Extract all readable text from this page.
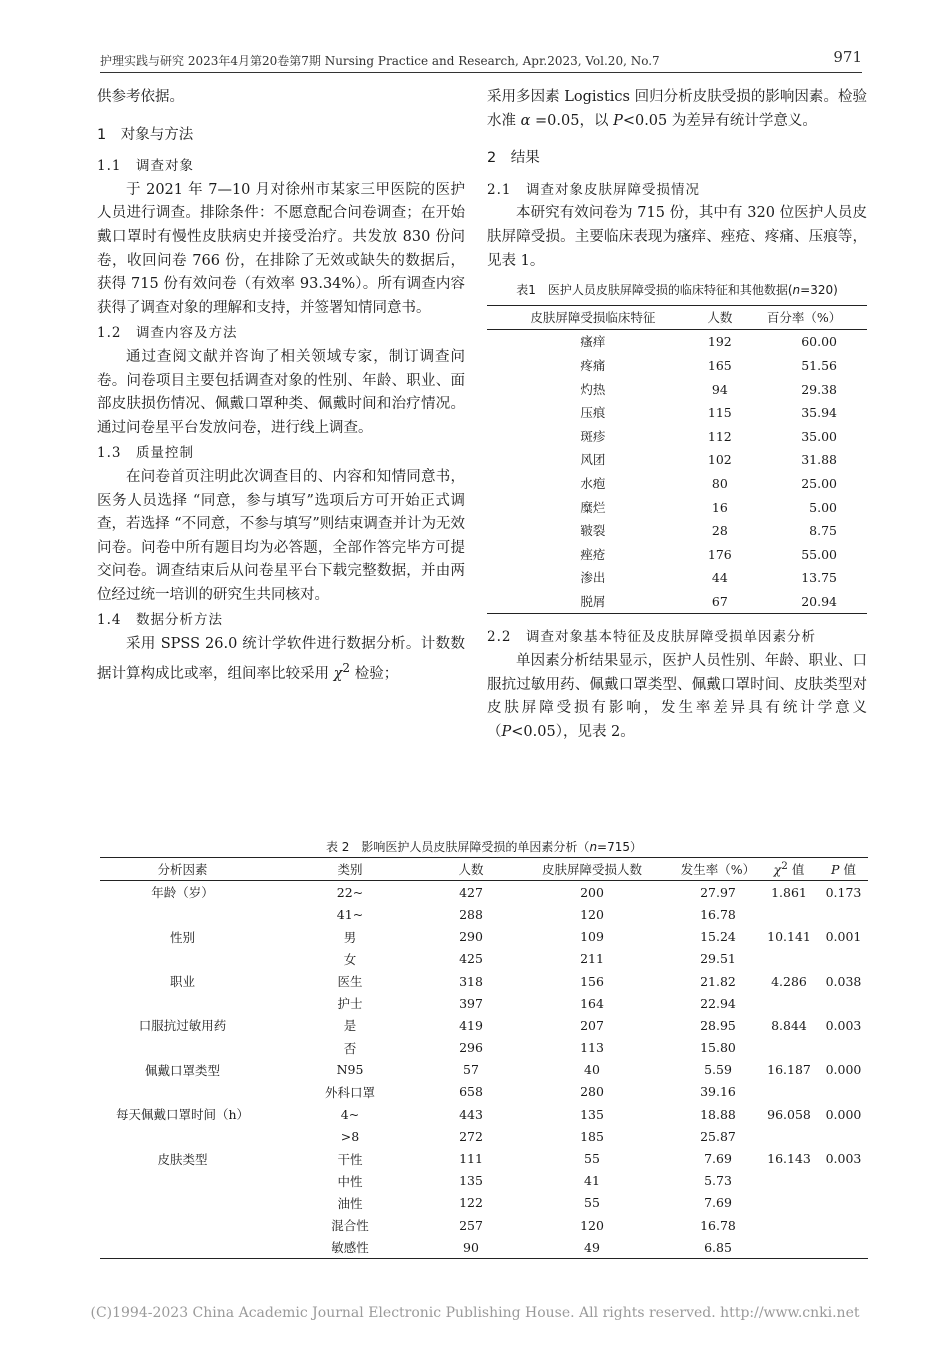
护理实践与研究 2023年4月第20卷第7期 Nursing Practice and Research, Apr.2023, Vol.20, No.7	971

供参考依据。

1　对象与方法
1.1　调查对象

于 2021 年 7—10 月对徐州市某家三甲医院的医护人员进行调查。排除条件：不愿意配合问卷调查；在开始戴口罩时有慢性皮肤病史并接受治疗。共发放 830 份问卷，收回问卷 766 份，在排除了无效或缺失的数据后，获得 715 份有效问卷（有效率 93.34%）。所有调查内容获得了调查对象的理解和支持，并签署知情同意书。

1.2　调查内容及方法

通过查阅文献并咨询了相关领域专家，制订调查问卷。问卷项目主要包括调查对象的性别、年龄、职业、面部皮肤损伤情况、佩戴口罩种类、佩戴时间和治疗情况。通过问卷星平台发放问卷，进行线上调查。

1.3　质量控制

在问卷首页注明此次调查目的、内容和知情同意书，医务人员选择 “同意，参与填写”选项后方可开始正式调查，若选择 “不同意，不参与填写”则结束调查并计为无效问卷。问卷中所有题目均为必答题，全部作答完毕方可提交问卷。调查结束后从问卷星平台下载完整数据，并由两位经过统一培训的研究生共同核对。

1.4　数据分析方法

采用 SPSS 26.0 统计学软件进行数据分析。计数数据计算构成比或率，组间率比较采用 $\chi^2$ 检验；

采用多因素 Logistics 回归分析皮肤受损的影响因素。检验水准 α =0.05，以 P<0.05 为差异有统计学意义。

2　结果
2.1　调查对象皮肤屏障受损情况

本研究有效问卷为 715 份，其中有 320 位医护人员皮肤屏障受损。主要临床表现为瘙痒、痤疮、疼痛、压痕等，见表 1。

表1　医护人员皮肤屏障受损的临床特征和其他数据(n=320)
皮肤屏障受损临床特征	人数	百分率（%）
瘙痒	192	60.00
疼痛	165	51.56
灼热	94	29.38
压痕	115	35.94
斑疹	112	35.00
风团	102	31.88
水疱	80	25.00
糜烂	16	5.00
皲裂	28	8.75
痤疮	176	55.00
渗出	44	13.75
脱屑	67	20.94
2.2　调查对象基本特征及皮肤屏障受损单因素分析

单因素分析结果显示，医护人员性别、年龄、职业、口服抗过敏用药、佩戴口罩类型、佩戴口罩时间、皮肤类型对皮肤屏障受损有影响，发生率差异具有统计学意义（P<0.05），见表 2。

表 2　影响医护人员皮肤屏障受损的单因素分析（n=715）
分析因素	类别	人数	皮肤屏障受损人数	发生率（%）	$\chi^2$ 值	P 值
年龄（岁）	22~	427	200	27.97	1.861	0.173
	41~	288	120	16.78		
性别	男	290	109	15.24	10.141	0.001
	女	425	211	29.51		
职业	医生	318	156	21.82	4.286	0.038
	护士	397	164	22.94		
口服抗过敏用药	是	419	207	28.95	8.844	0.003
	否	296	113	15.80		
佩戴口罩类型	N95	57	40	5.59	16.187	0.000
	外科口罩	658	280	39.16		
每天佩戴口罩时间（h）	4~	443	135	18.88	96.058	0.000
	>8	272	185	25.87		
皮肤类型	干性	111	55	7.69	16.143	0.003
	中性	135	41	5.73		
	油性	122	55	7.69		
	混合性	257	120	16.78		
	敏感性	90	49	6.85		
(C)1994-2023 China Academic Journal Electronic Publishing House. All rights reserved. http://www.cnki.net
